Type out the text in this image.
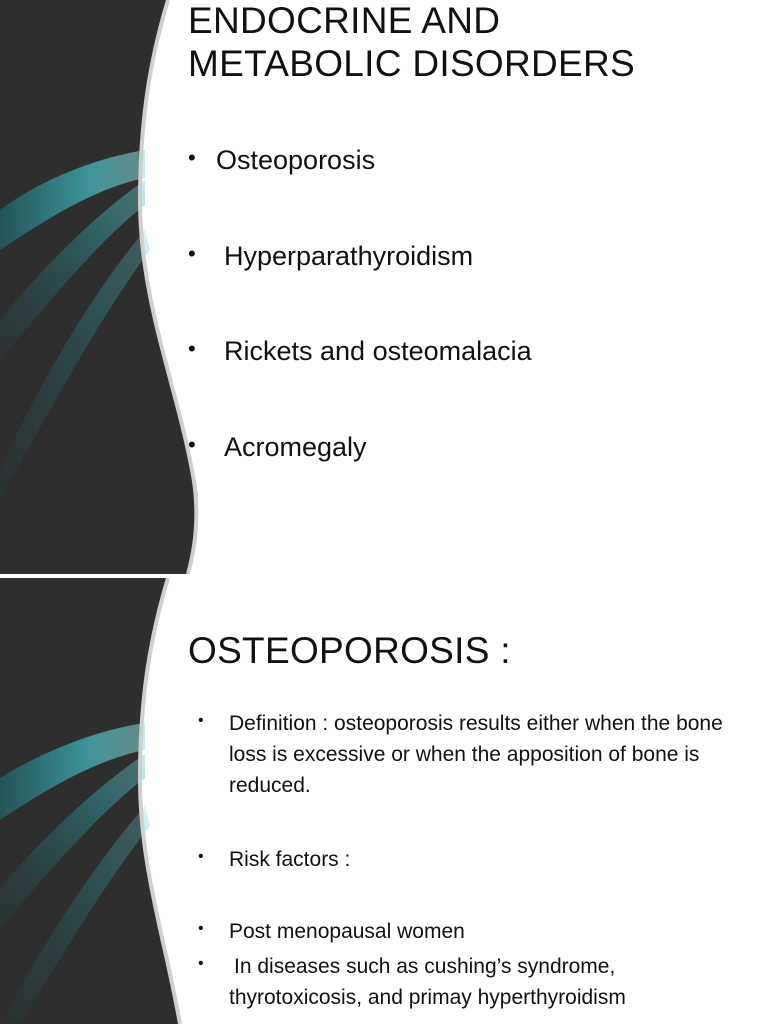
ENDOCRINE AND
METABOLIC DISORDERS
• Osteoporosis
• Hyperparathyroidism
• Rickets and osteomalacia
• Acromegaly
OSTEOPOROSIS :
• Definition : osteoporosis results either when the bone loss is excessive or when the apposition of bone is reduced.
• Risk factors :
• Post menopausal women
• In diseases such as cushing’s syndrome, thyrotoxicosis, and primay hyperthyroidism
